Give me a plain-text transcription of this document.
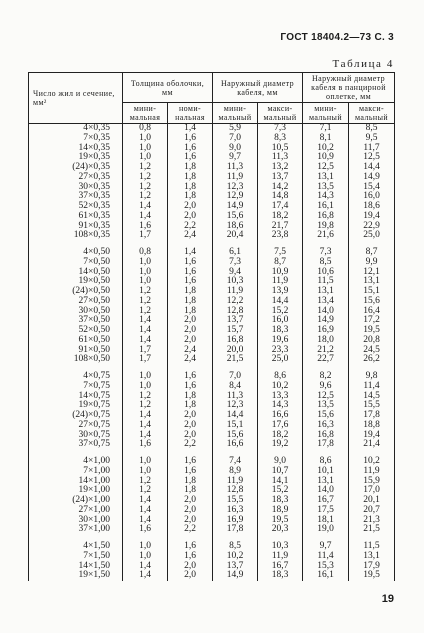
ГОСТ 18404.2—73 С. 3
Таблица 4
Число жил и сечение, мм²	Толщина оболочки, мм		Наружный диаметр кабеля, мм		Наружный диаметр кабеля в панцирной оплетке, мм	
	мини-мальная	номи-нальная	мини-мальный	макси-мальный	мини-мальный	макси-мальный
4×0,35	0,8	1,4	5,9	7,3	7,1	8,5
7×0,35	1,0	1,6	7,0	8,3	8,1	9,5
14×0,35	1,0	1,6	9,0	10,5	10,2	11,7
19×0,35	1,0	1,6	9,7	11,3	10,9	12,5
(24)×0,35	1,2	1,8	11,3	13,2	12,5	14,4
27×0,35	1,2	1,8	11,9	13,7	13,1	14,9
30×0,35	1,2	1,8	12,3	14,2	13,5	15,4
37×0,35	1,2	1,8	12,9	14,8	14,3	16,0
52×0,35	1,4	2,0	14,9	17,4	16,1	18,6
61×0,35	1,4	2,0	15,6	18,2	16,8	19,4
91×0,35	1,6	2,2	18,6	21,7	19,8	22,9
108×0,35	1,7	2,4	20,4	23,8	21,6	25,0

4×0,50	0,8	1,4	6,1	7,5	7,3	8,7
7×0,50	1,0	1,6	7,3	8,7	8,5	9,9
14×0,50	1,0	1,6	9,4	10,9	10,6	12,1
19×0,50	1,0	1,6	10,3	11,9	11,5	13,1
(24)×0,50	1,2	1,8	11,9	13,9	13,1	15,1
27×0,50	1,2	1,8	12,2	14,4	13,4	15,6
30×0,50	1,2	1,8	12,8	15,2	14,0	16,4
37×0,50	1,4	2,0	13,7	16,0	14,9	17,2
52×0,50	1,4	2,0	15,7	18,3	16,9	19,5
61×0,50	1,4	2,0	16,8	19,6	18,0	20,8
91×0,50	1,7	2,4	20,0	23,3	21,2	24,5
108×0,50	1,7	2,4	21,5	25,0	22,7	26,2

4×0,75	1,0	1,6	7,0	8,6	8,2	9,8
7×0,75	1,0	1,6	8,4	10,2	9,6	11,4
14×0,75	1,2	1,8	11,3	13,3	12,5	14,5
19×0,75	1,2	1,8	12,3	14,3	13,5	15,5
(24)×0,75	1,4	2,0	14,4	16,6	15,6	17,8
27×0,75	1,4	2,0	15,1	17,6	16,3	18,8
30×0,75	1,4	2,0	15,6	18,2	16,8	19,4
37×0,75	1,6	2,2	16,6	19,2	17,8	21,4

4×1,00	1,0	1,6	7,4	9,0	8,6	10,2
7×1,00	1,0	1,6	8,9	10,7	10,1	11,9
14×1,00	1,2	1,8	11,9	14,1	13,1	15,9
19×1,00	1,2	1,8	12,8	15,2	14,0	17,0
(24)×1,00	1,4	2,0	15,5	18,3	16,7	20,1
27×1,00	1,4	2,0	16,3	18,9	17,5	20,7
30×1,00	1,4	2,0	16,9	19,5	18,1	21,3
37×1,00	1,6	2,2	17,8	20,3	19,0	21,5

4×1,50	1,0	1,6	8,5	10,3	9,7	11,5
7×1,50	1,0	1,6	10,2	11,9	11,4	13,1
14×1,50	1,4	2,0	13,7	16,7	15,3	17,9
19×1,50	1,4	2,0	14,9	18,3	16,1	19,5
19
